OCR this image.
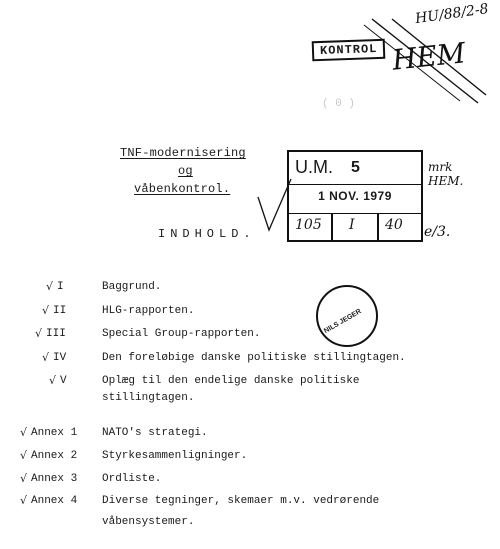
HU/88/2-8
KONTROL HEM
( 0 )
TNF-modernisering
og
våbenkontrol.
U.M. 5
1 NOV. 1979
105 I 40
mrk HEM.
e/3.
INDHOLD.
√ I	Baggrund.
√ II	HLG-rapporten.
√ III	Special Group-rapporten.
√ IV	Den foreløbige danske politiske stillingtagen.
√ V	Oplæg til den endelige danske politiske
stillingtagen.
√ Annex 1 NATO's strategi.
√ Annex 2 Styrkesammenligninger.
√ Annex 3 Ordliste.
√ Annex 4 Diverse tegninger, skemaer m.v. vedrørende
våbensystemer.
NILS JEGER
